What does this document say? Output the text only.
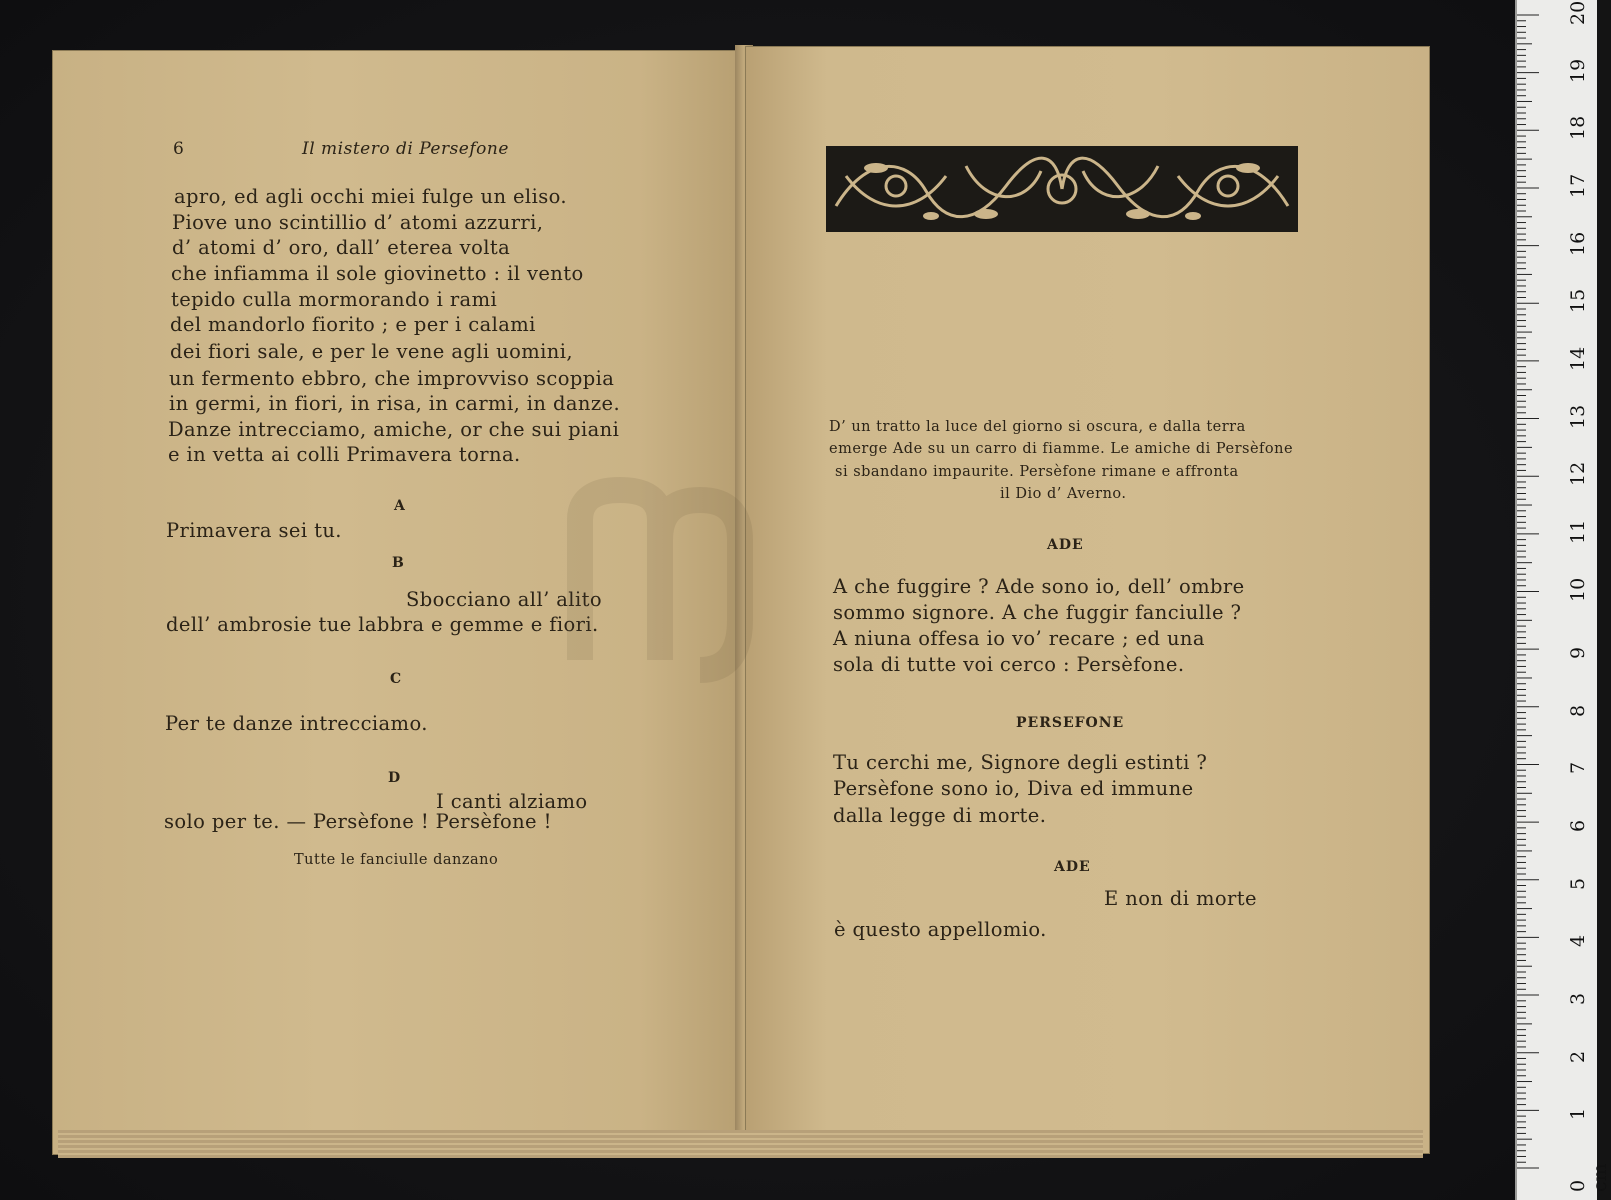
6	Il mistero di Persefone
apro, ed agli occhi miei fulge un eliso.
Piove uno scintillio d’ atomi azzurri,
d’ atomi d’ oro, dall’ eterea volta
che infiamma il sole giovinetto : il vento
tepido culla mormorando i rami
del mandorlo fiorito ; e per i calami
dei fiori sale, e per le vene agli uomini,
un fermento ebbro, che improvviso scoppia
in germi, in fiori, in risa, in carmi, in danze.
Danze intrecciamo, amiche, or che sui piani
e in vetta ai colli Primavera torna.
A
Primavera sei tu.
B
Sbocciano all’ alito
dell’ ambrosie tue labbra e gemme e fiori.
C
Per te danze intrecciamo.
D
I canti alziamo
solo per te. — Persèfone ! Persèfone !
Tutte le fanciulle danzano
D’ un tratto la luce del giorno si oscura, e dalla terra
emerge Ade su un carro di fiamme. Le amiche di Persèfone
si sbandano impaurite. Persèfone rimane e affronta
il Dio d’ Averno.
ADE
A che fuggire ? Ade sono io, dell’ ombre
sommo signore. A che fuggir fanciulle ?
A niuna offesa io vo’ recare ; ed una
sola di tutte voi cerco : Persèfone.
PERSEFONE
Tu cerchi me, Signore degli estinti ?
Persèfone sono io, Diva ed immune
dalla legge di morte.
ADE
E non di morte
è questo appellomio.
0 cm
1
2
3
4
5
6
7
8
9
10
11
12
13
14
15
16
17
18
19
20
